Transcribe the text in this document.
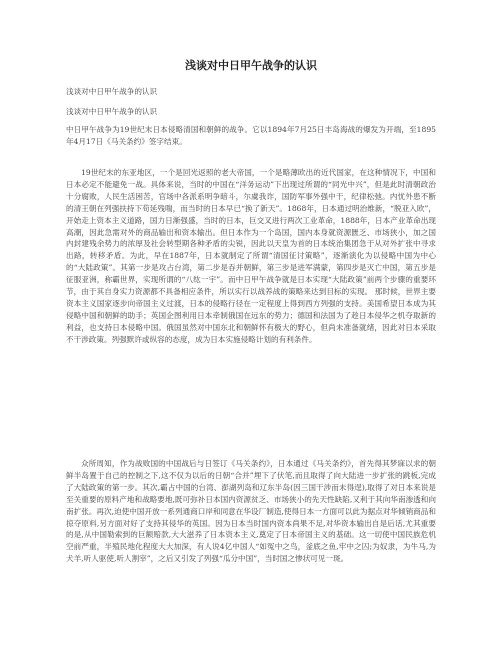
浅谈对中日甲午战争的认识
浅谈对中日甲午战争的认识
浅谈对中日甲午战争的认识
中日甲午战争为19世纪末日本侵略清国和朝鲜的战争。它以1894年7月25日丰岛海战的爆发为开端，至1895年4月17日《马关条约》签字结束。
19世纪末的东亚地区，一个是回光返照的老大帝国，一个是略薄欧出的近代国家，在这种情况下，中国和日本必定不能避免一战。具体来说，当时的中国在“洋务运动”下出现过所谓的“同光中兴”，但是此时清朝政治十分腐败，人民生活困苦，官场中各派系明争暗斗，尔虞我诈，国防军事外强中干，纪律松弛。内忧外患不断的清王朝在列强扶持下苟延残喘，而当时的日本早已“换了新天”。1868年，日本通过明治维新，“脱亚入欧”，开始走上资本主义道路，国力日渐强盛，当时的日本，巨交叉进行两次工业革命，1888年，日本产业革命出现高潮，因此急需对外的商品输出和资本输出。但日本作为一个岛国，国内本身就资源匮乏、市场狭小，加之国内封建残余势力的浓厚及社会转型期各种矛盾的尖锐，因此以天皇为首的日本统治集团急于从对外扩张中寻求出路，转移矛盾。为此，早在1887年，日本就制定了所谓“清国征讨策略”，逐渐演化为以侵略中国为中心的“大陆政策”。其第一步是攻占台湾，第二步是吞并朝鲜，第三步是进军满蒙，第四步是灭亡中国，第五步是征服亚洲，称霸世界，实现所谓的“八纮一宇”。而中日甲午战争就是日本实现“大陆政策”前两个步骤的重要环节，由于其自身实力资源都不具备相应条件，所以实行以战养战的策略来达到目标的实现。 那时候，世界主要资本主义国家逐步向帝国主义过渡，日本的侵略行径在一定程度上得到西方列强的支持。美国希望日本成为其侵略中国和朝鲜的助手；英国企图利用日本牵制俄国在远东的势力；德国和法国为了趁日本侵华之机夺取新的利益，也支持日本侵略中国。俄国虽然对中国东北和朝鲜怀有极大的野心，但尚未准备就绪，因此对日本采取不干涉政策。列强默许或纵容的态度，成为日本实施侵略计划的有利条件。
众所周知，作为战败国的中国战后与日签订《马关条约》，日本通过《马关条约》，首先得其梦寐以求的朝鲜半岛置于自己的控制之下,这不仅为以后的日朝“合并”埋下了伏笔,而且取得了向大陆进一步扩张的跳板,完成了大陆政策的第一步。其次,霸占中国的台湾、澎湖列岛和辽东半岛(因三国干涉而未得逞),取得了对日本来说是至关重要的原料产地和战略要地,既可弥补日本国内资源贫乏、市场狭小的先天性缺陷,又利于其向华南渗透和向南扩张。再次,迫使中国开放一系列通商口岸和同意在华设厂制造,使得日本一方面可以此为据点对华倾销商品和掠夺原料,另方面对好了支持其侵华的英国。因为日本当时国内资本尚果不足,对华资本输出自是后话,尤其重要的是,从中国勒索到的巨额赔款,大大滋养了日本资本主义,奠定了日本帝国主义的基础。这一切使中国民族危机空前严重，半殖民地化程度大大加深，有人说4亿中国人“如冤中之鸟，釜底之鱼,牢中之囚;为奴隶，为牛马,为犬羊,听人驱使,听人割宰”，之后又引发了列强“瓜分中国”，当时国之惨状可见一斑。
